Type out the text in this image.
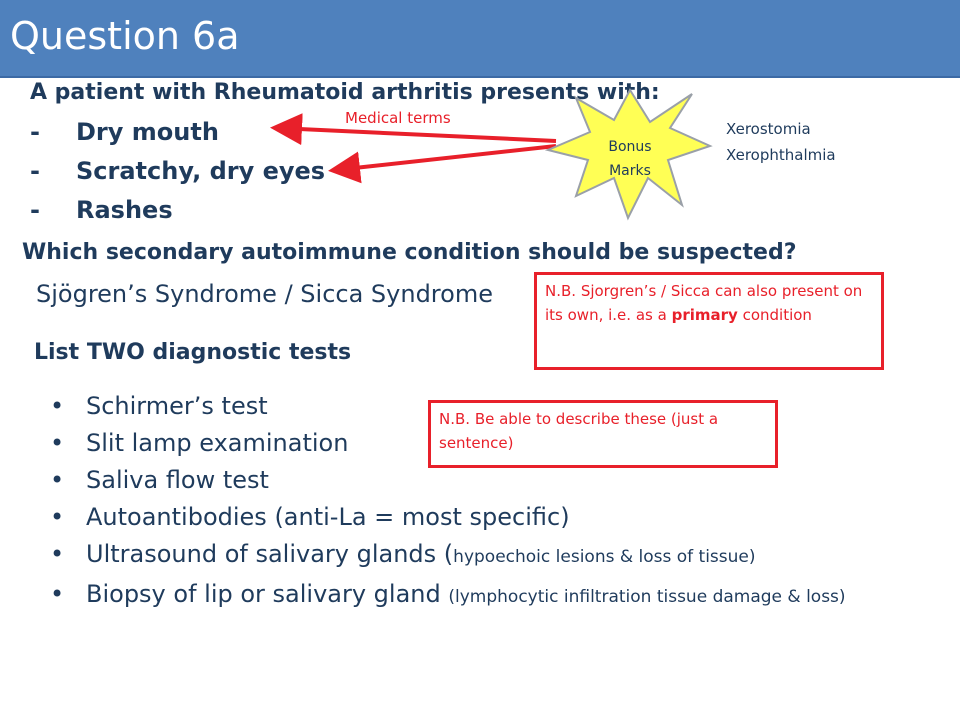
Question 6a
A patient with Rheumatoid arthritis presents with:
- Dry mouth
- Scratchy, dry eyes
- Rashes
Medical terms
Bonus
Marks
Xerostomia
Xerophthalmia
Which secondary autoimmune condition should be suspected?
Sjögren’s Syndrome / Sicca Syndrome	N.B. Sjorgren’s / Sicca can also present on its own, i.e. as a primary condition
List TWO diagnostic tests
N.B. Be able to describe these (just a sentence)
• Schirmer’s test
• Slit lamp examination
• Saliva flow test
• Autoantibodies (anti-La = most specific)
• Ultrasound of salivary glands (hypoechoic lesions & loss of tissue)
• Biopsy of lip or salivary gland (lymphocytic infiltration tissue damage & loss)
